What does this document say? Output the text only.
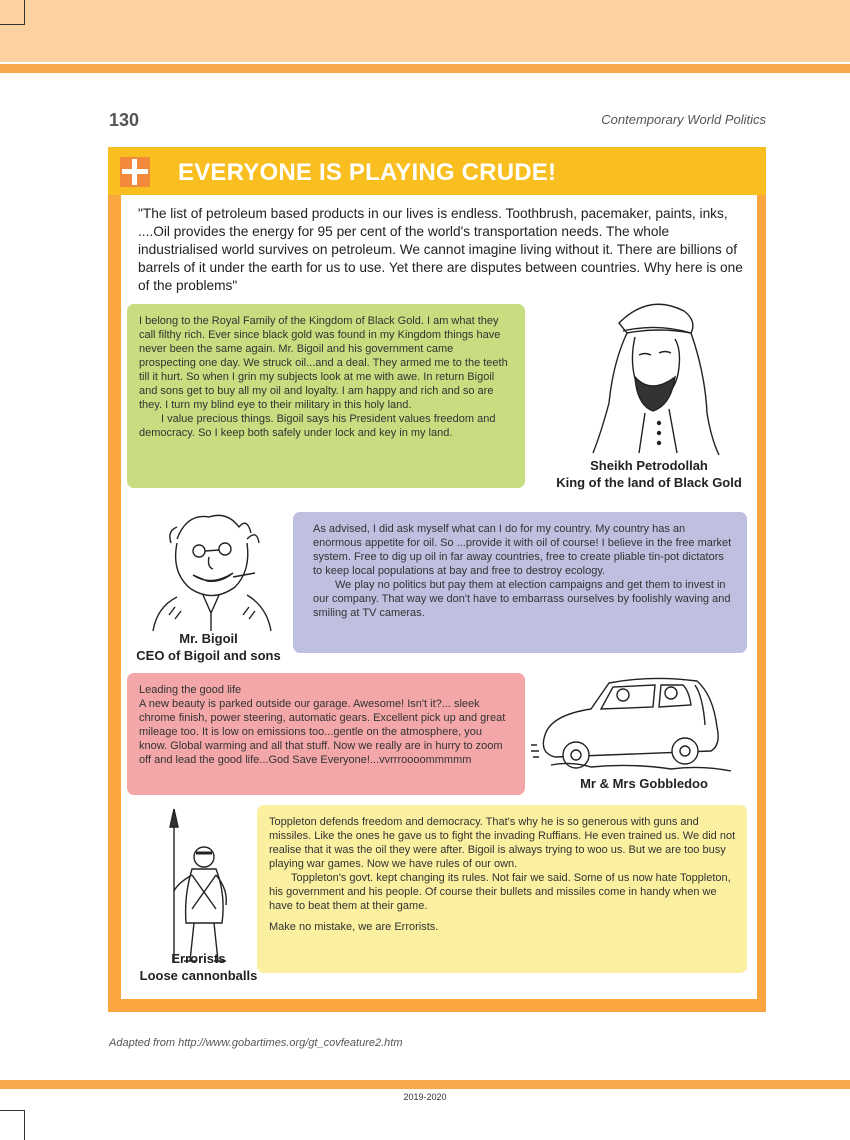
130	Contemporary World Politics
EVERYONE IS PLAYING CRUDE!
"The list of petroleum based products in our lives is endless. Toothbrush, pacemaker, paints, inks, ....Oil provides the energy for 95 per cent of the world's transportation needs. The whole industrialised world survives on petroleum. We cannot imagine living without it. There are billions of barrels of it under the earth for us to use. Yet there are disputes between countries. Why here is one of the problems"

I belong to the Royal Family of the Kingdom of Black Gold. I am what they call filthy rich. Ever since black gold was found in my Kingdom things have never been the same again. Mr. Bigoil and his government came prospecting one day. We struck oil...and a deal. They armed me to the teeth till it hurt. So when I grin my subjects look at me with awe. In return Bigoil and sons get to buy all my oil and loyalty. I am happy and rich and so are they. I turn my blind eye to their military in this holy land.

I value precious things. Bigoil says his President values freedom and democracy. So I keep both safely under lock and key in my land.

Sheikh Petrodollah
King of the land of Black Gold
Mr. Bigoil
CEO of Bigoil and sons

As advised, I did ask myself what can I do for my country. My country has an enormous appetite for oil. So ...provide it with oil of course! I believe in the free market system. Free to dig up oil in far away countries, free to create pliable tin-pot dictators to keep local populations at bay and free to destroy ecology.

We play no politics but pay them at election campaigns and get them to invest in our company. That way we don't have to embarrass ourselves by foolishly waving and smiling at TV cameras.

Leading the good life

A new beauty is parked outside our garage. Awesome! Isn't it?... sleek chrome finish, power steering, automatic gears. Excellent pick up and great mileage too. It is low on emissions too...gentle on the atmosphere, you know. Global warming and all that stuff. Now we really are in hurry to zoom off and lead the good life...God Save Everyone!...vvrrroooommmmm

Mr & Mrs Gobbledoo
Errorists
Loose cannonballs

Toppleton defends freedom and democracy. That's why he is so generous with guns and missiles. Like the ones he gave us to fight the invading Ruffians. He even trained us. We did not realise that it was the oil they were after. Bigoil is always trying to woo us. But we are too busy playing war games. Now we have rules of our own.

Toppleton's govt. kept changing its rules. Not fair we said. Some of us now hate Toppleton, his government and his people. Of course their bullets and missiles come in handy when we have to beat them at their game.

Make no mistake, we are Errorists.

Adapted from http://www.gobartimes.org/gt_covfeature2.htm
2019-2020
